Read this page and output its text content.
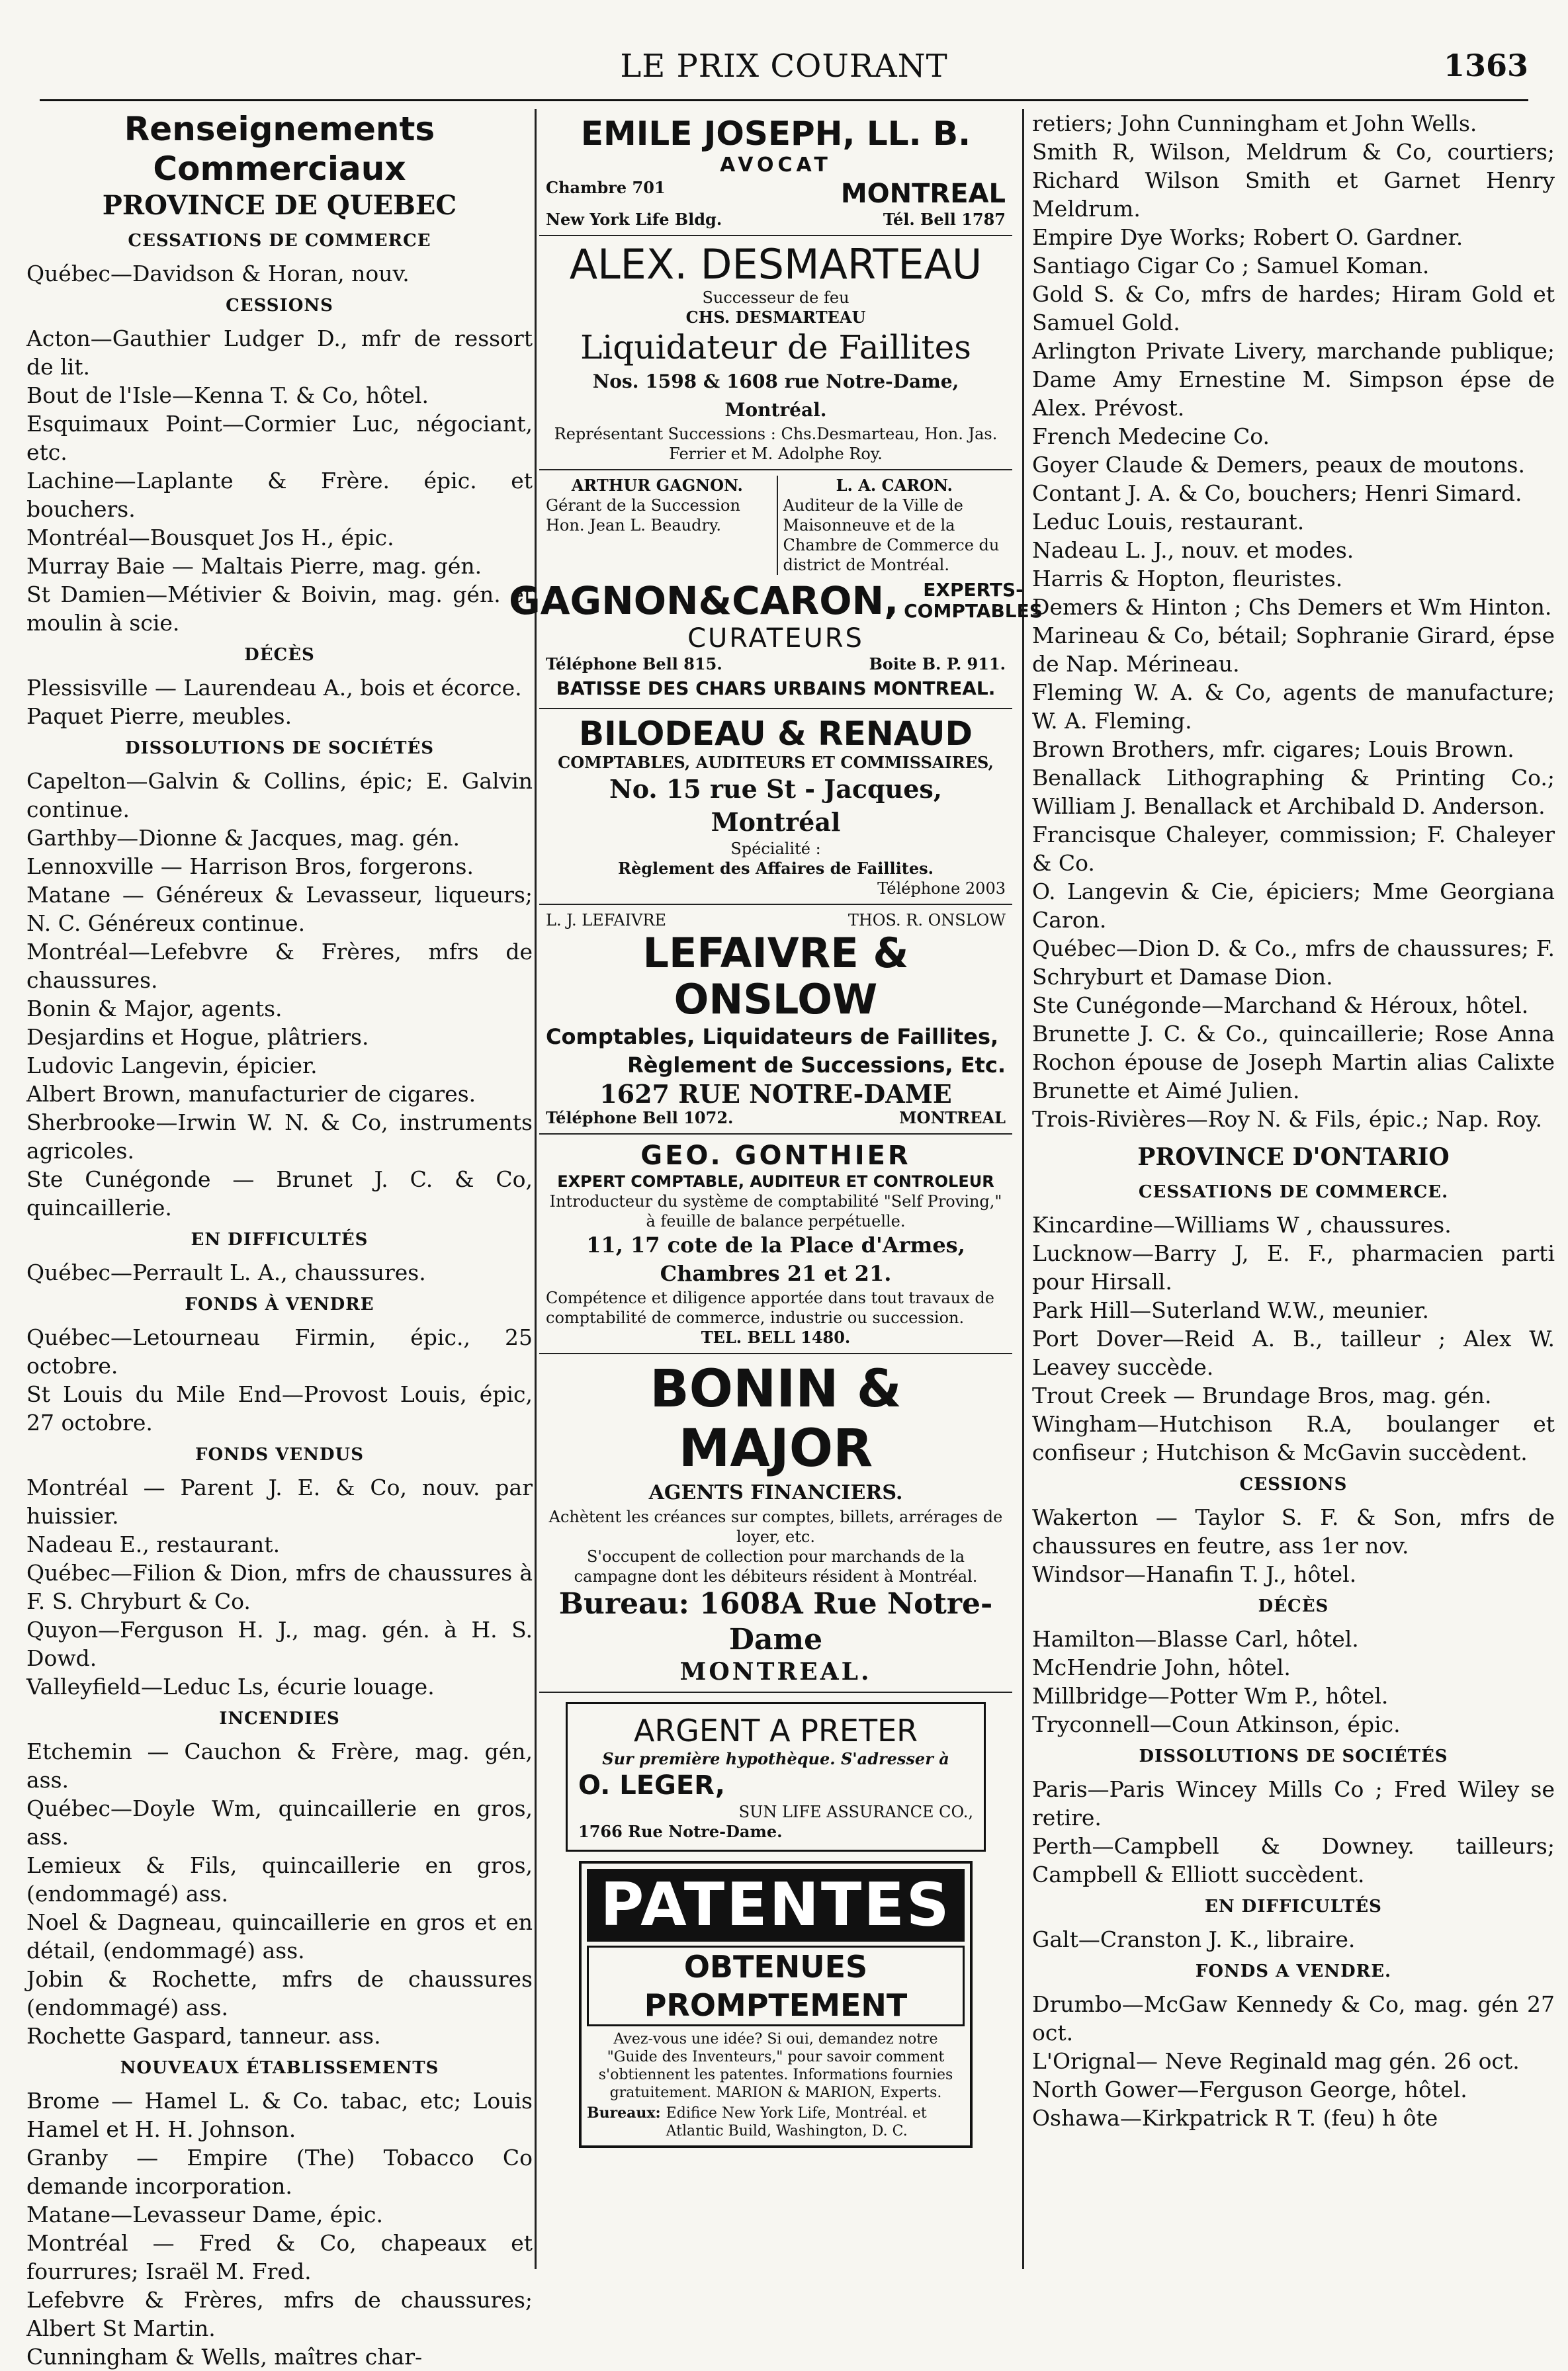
LE PRIX COURANT	1363
Renseignements Commerciaux
PROVINCE DE QUEBEC
CESSATIONS DE COMMERCE

Québec—Davidson & Horan, nouv.

CESSIONS

Acton—Gauthier Ludger D., mfr de ressort de lit.

Bout de l'Isle—Kenna T. & Co, hôtel.

Esquimaux Point—Cormier Luc, négociant, etc.

Lachine—Laplante & Frère. épic. et bouchers.

Montréal—Bousquet Jos H., épic.

Murray Baie — Maltais Pierre, mag. gén.

St Damien—Métivier & Boivin, mag. gén. et moulin à scie.

DÉCÈS

Plessisville — Laurendeau A., bois et écorce.

Paquet Pierre, meubles.

DISSOLUTIONS DE SOCIÉTÉS

Capelton—Galvin & Collins, épic; E. Galvin continue.

Garthby—Dionne & Jacques, mag. gén.

Lennoxville — Harrison Bros, forgerons.

Matane — Généreux & Levasseur, liqueurs; N. C. Généreux continue.

Montréal—Lefebvre & Frères, mfrs de chaussures.

Bonin & Major, agents.

Desjardins et Hogue, plâtriers.

Ludovic Langevin, épicier.

Albert Brown, manufacturier de cigares.

Sherbrooke—Irwin W. N. & Co, instruments agricoles.

Ste Cunégonde — Brunet J. C. & Co, quincaillerie.

EN DIFFICULTÉS

Québec—Perrault L. A., chaussures.

FONDS À VENDRE

Québec—Letourneau Firmin, épic., 25 octobre.

St Louis du Mile End—Provost Louis, épic, 27 octobre.

FONDS VENDUS

Montréal — Parent J. E. & Co, nouv. par huissier.

Nadeau E., restaurant.

Québec—Filion & Dion, mfrs de chaussures à F. S. Chryburt & Co.

Quyon—Ferguson H. J., mag. gén. à H. S. Dowd.

Valleyfield—Leduc Ls, écurie louage.

INCENDIES

Etchemin — Cauchon & Frère, mag. gén, ass.

Québec—Doyle Wm, quincaillerie en gros, ass.

Lemieux & Fils, quincaillerie en gros, (endommagé) ass.

Noel & Dagneau, quincaillerie en gros et en détail, (endommagé) ass.

Jobin & Rochette, mfrs de chaussures (endommagé) ass.

Rochette Gaspard, tanneur. ass.

NOUVEAUX ÉTABLISSEMENTS

Brome — Hamel L. & Co. tabac, etc; Louis Hamel et H. H. Johnson.

Granby — Empire (The) Tobacco Co demande incorporation.

Matane—Levasseur Dame, épic.

Montréal — Fred & Co, chapeaux et fourrures; Israël M. Fred.

Lefebvre & Frères, mfrs de chaussures; Albert St Martin.

Cunningham & Wells, maîtres char-

EMILE JOSEPH, LL. B.
AVOCAT
Chambre 701	MONTREAL
New York Life Bldg.	Tél. Bell 1787
ALEX. DESMARTEAU
Successeur de feu
CHS. DESMARTEAU
Liquidateur de Faillites
Nos. 1598 & 1608 rue Notre-Dame, Montréal.
Représentant Successions : Chs.Desmarteau, Hon. Jas. Ferrier et M. Adolphe Roy.
ARTHUR GAGNON.
Gérant de la Succession Hon. Jean L. Beaudry.
L. A. CARON.
Auditeur de la Ville de Maisonneuve et de la Chambre de Commerce du district de Montréal.
GAGNON&CARON,	EXPERTS-COMPTABLES
CURATEURS
Téléphone Bell 815.	Boite B. P. 911.
BATISSE DES CHARS URBAINS MONTREAL.
BILODEAU & RENAUD
COMPTABLES, AUDITEURS ET COMMISSAIRES,
No. 15 rue St - Jacques, Montréal
Spécialité :
Règlement des Affaires de Faillites.
Téléphone 2003
L. J. LEFAIVRE	THOS. R. ONSLOW
LEFAIVRE & ONSLOW
Comptables, Liquidateurs de Faillites,
Règlement de Successions, Etc.
1627 RUE NOTRE-DAME
Téléphone Bell 1072.	MONTREAL
GEO. GONTHIER
EXPERT COMPTABLE, AUDITEUR ET CONTROLEUR
Introducteur du système de comptabilité "Self Proving," à feuille de balance perpétuelle.
11, 17 cote de la Place d'Armes, Chambres 21 et 21.
Compétence et diligence apportée dans tout travaux de comptabilité de commerce, industrie ou succession.
TEL. BELL 1480.
BONIN & MAJOR
AGENTS FINANCIERS.
Achètent les créances sur comptes, billets, arrérages de loyer, etc.
S'occupent de collection pour marchands de la campagne dont les débiteurs résident à Montréal.
Bureau: 1608A Rue Notre-Dame
MONTREAL.
ARGENT A PRETER
Sur première hypothèque. S'adresser à
O. LEGER,
SUN LIFE ASSURANCE CO.,
1766 Rue Notre-Dame.
PATENTES
OBTENUES PROMPTEMENT
Avez-vous une idée? Si oui, demandez notre "Guide des Inventeurs," pour savoir comment s'obtiennent les patentes. Informations fournies gratuitement. MARION & MARION, Experts.
Bureaux: Edifice New York Life, Montréal. et Atlantic Build, Washington, D. C.

retiers; John Cunningham et John Wells.

Smith R, Wilson, Meldrum & Co, courtiers; Richard Wilson Smith et Garnet Henry Meldrum.

Empire Dye Works; Robert O. Gardner.

Santiago Cigar Co ; Samuel Koman.

Gold S. & Co, mfrs de hardes; Hiram Gold et Samuel Gold.

Arlington Private Livery, marchande publique; Dame Amy Ernestine M. Simpson épse de Alex. Prévost.

French Medecine Co.

Goyer Claude & Demers, peaux de moutons.

Contant J. A. & Co, bouchers; Henri Simard.

Leduc Louis, restaurant.

Nadeau L. J., nouv. et modes.

Harris & Hopton, fleuristes.

Demers & Hinton ; Chs Demers et Wm Hinton.

Marineau & Co, bétail; Sophranie Girard, épse de Nap. Mérineau.

Fleming W. A. & Co, agents de manufacture; W. A. Fleming.

Brown Brothers, mfr. cigares; Louis Brown.

Benallack Lithographing & Printing Co.; William J. Benallack et Archibald D. Anderson.

Francisque Chaleyer, commission; F. Chaleyer & Co.

O. Langevin & Cie, épiciers; Mme Georgiana Caron.

Québec—Dion D. & Co., mfrs de chaussures; F. Schryburt et Damase Dion.

Ste Cunégonde—Marchand & Héroux, hôtel.

Brunette J. C. & Co., quincaillerie; Rose Anna Rochon épouse de Joseph Martin alias Calixte Brunette et Aimé Julien.

Trois-Rivières—Roy N. & Fils, épic.; Nap. Roy.

PROVINCE D'ONTARIO
CESSATIONS DE COMMERCE.

Kincardine—Williams W , chaussures.

Lucknow—Barry J, E. F., pharmacien parti pour Hirsall.

Park Hill—Suterland W.W., meunier.

Port Dover—Reid A. B., tailleur ; Alex W. Leavey succède.

Trout Creek — Brundage Bros, mag. gén.

Wingham—Hutchison R.A, boulanger et confiseur ; Hutchison & McGavin succèdent.

CESSIONS

Wakerton — Taylor S. F. & Son, mfrs de chaussures en feutre, ass 1er nov.

Windsor—Hanafin T. J., hôtel.

DÉCÈS

Hamilton—Blasse Carl, hôtel.

McHendrie John, hôtel.

Millbridge—Potter Wm P., hôtel.

Tryconnell—Coun Atkinson, épic.

DISSOLUTIONS DE SOCIÉTÉS

Paris—Paris Wincey Mills Co ; Fred Wiley se retire.

Perth—Campbell & Downey. tailleurs; Campbell & Elliott succèdent.

EN DIFFICULTÉS

Galt—Cranston J. K., libraire.

FONDS A VENDRE.

Drumbo—McGaw Kennedy & Co, mag. gén 27 oct.

L'Orignal— Neve Reginald mag gén. 26 oct.

North Gower—Ferguson George, hôtel.

Oshawa—Kirkpatrick R T. (feu) h ôte
